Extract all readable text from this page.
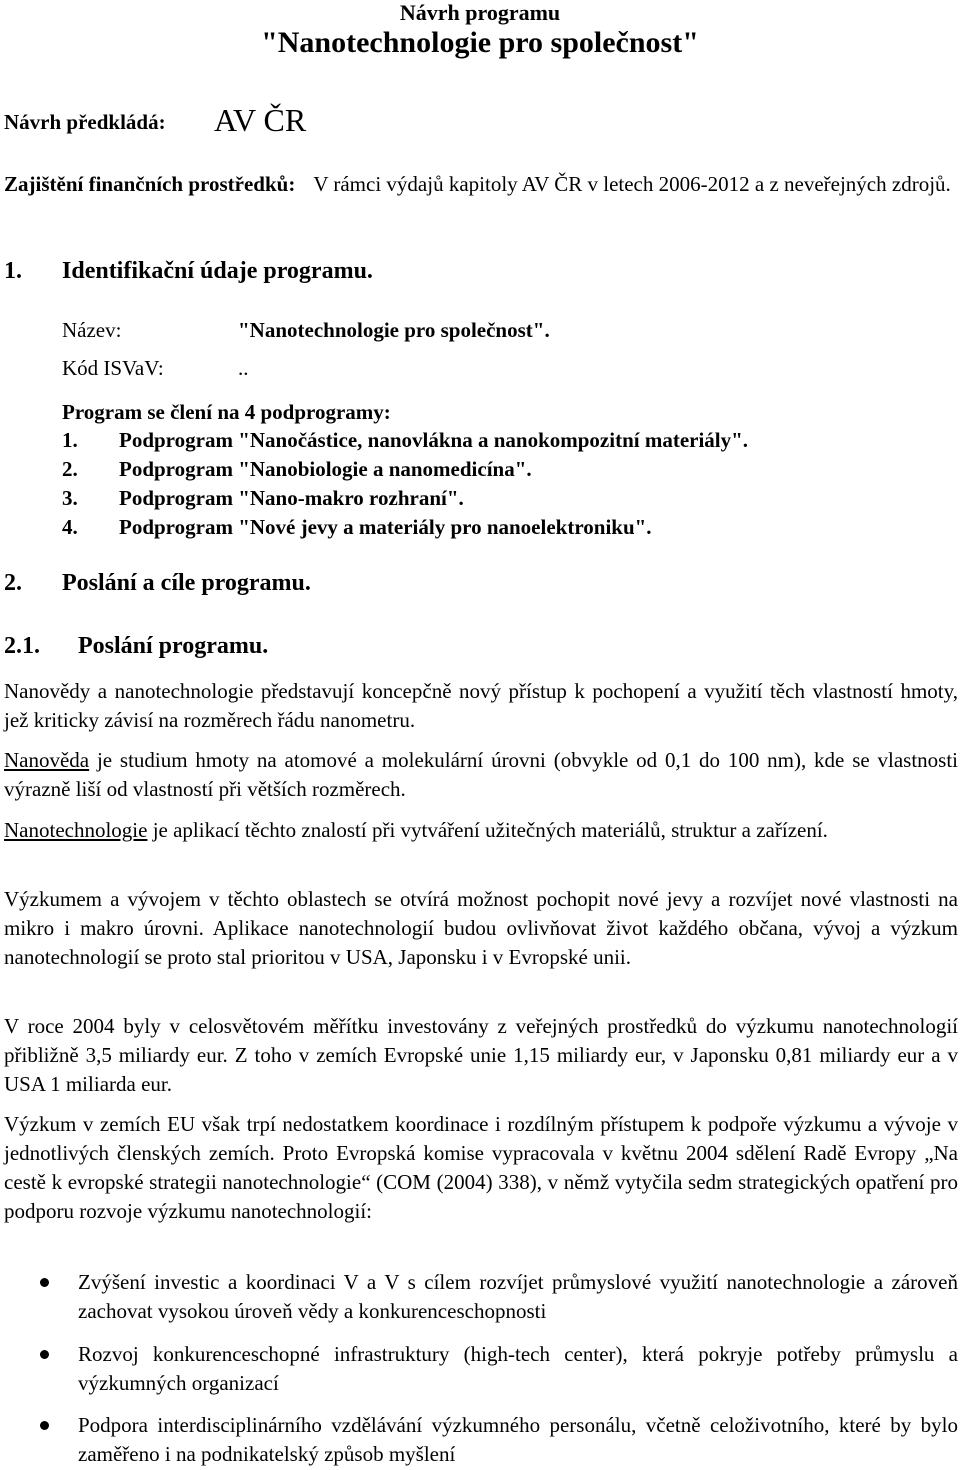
Návrh programu
"Nanotechnologie pro společnost"
Návrh předkládá: AV ČR
Zajištění finančních prostředků: V rámci výdajů kapitoly AV ČR v letech 2006-2012 a z neveřejných zdrojů.
1. Identifikační údaje programu.
Název:	"Nanotechnologie pro společnost".
Kód ISVaV:	..
Program se člení na 4 podprogramy:
1. Podprogram "Nanočástice, nanovlákna a nanokompozitní materiály".
2. Podprogram "Nanobiologie a nanomedicína".
3. Podprogram "Nano-makro rozhraní".
4. Podprogram "Nové jevy a materiály pro nanoelektroniku".
2. Poslání a cíle programu.
2.1. Poslání programu.

Nanovědy a nanotechnologie představují koncepčně nový přístup k pochopení a využití těch vlastností hmoty, jež kriticky závisí na rozměrech řádu nanometru.

Nanověda je studium hmoty na atomové a molekulární úrovni (obvykle od 0,1 do 100 nm), kde se vlastnosti výrazně liší od vlastností při větších rozměrech.

Nanotechnologie je aplikací těchto znalostí při vytváření užitečných materiálů, struktur a zařízení.

Výzkumem a vývojem v těchto oblastech se otvírá možnost pochopit nové jevy a rozvíjet nové vlastnosti na mikro i makro úrovni. Aplikace nanotechnologií budou ovlivňovat život každého občana, vývoj a výzkum nanotechnologií se proto stal prioritou v USA, Japonsku i v Evropské unii.

V roce 2004 byly v celosvětovém měřítku investovány z veřejných prostředků do výzkumu nanotechnologií přibližně 3,5 miliardy eur. Z toho v zemích Evropské unie 1,15 miliardy eur, v Japonsku 0,81 miliardy eur a v USA 1 miliarda eur.

Výzkum v zemích EU však trpí nedostatkem koordinace i rozdílným přístupem k podpoře výzkumu a vývoje v jednotlivých členských zemích. Proto Evropská komise vypracovala v květnu 2004 sdělení Radě Evropy „Na cestě k evropské strategii nanotechnologie“ (COM (2004) 338), v němž vytyčila sedm strategických opatření pro podporu rozvoje výzkumu nanotechnologií:

Zvýšení investic a koordinaci V a V s cílem rozvíjet průmyslové využití nanotechnologie a zároveň zachovat vysokou úroveň vědy a konkurenceschopnosti
Rozvoj konkurenceschopné infrastruktury (high-tech center), která pokryje potřeby průmyslu a výzkumných organizací
Podpora interdisciplinárního vzdělávání výzkumného personálu, včetně celoživotního, které by bylo zaměřeno i na podnikatelský způsob myšlení
